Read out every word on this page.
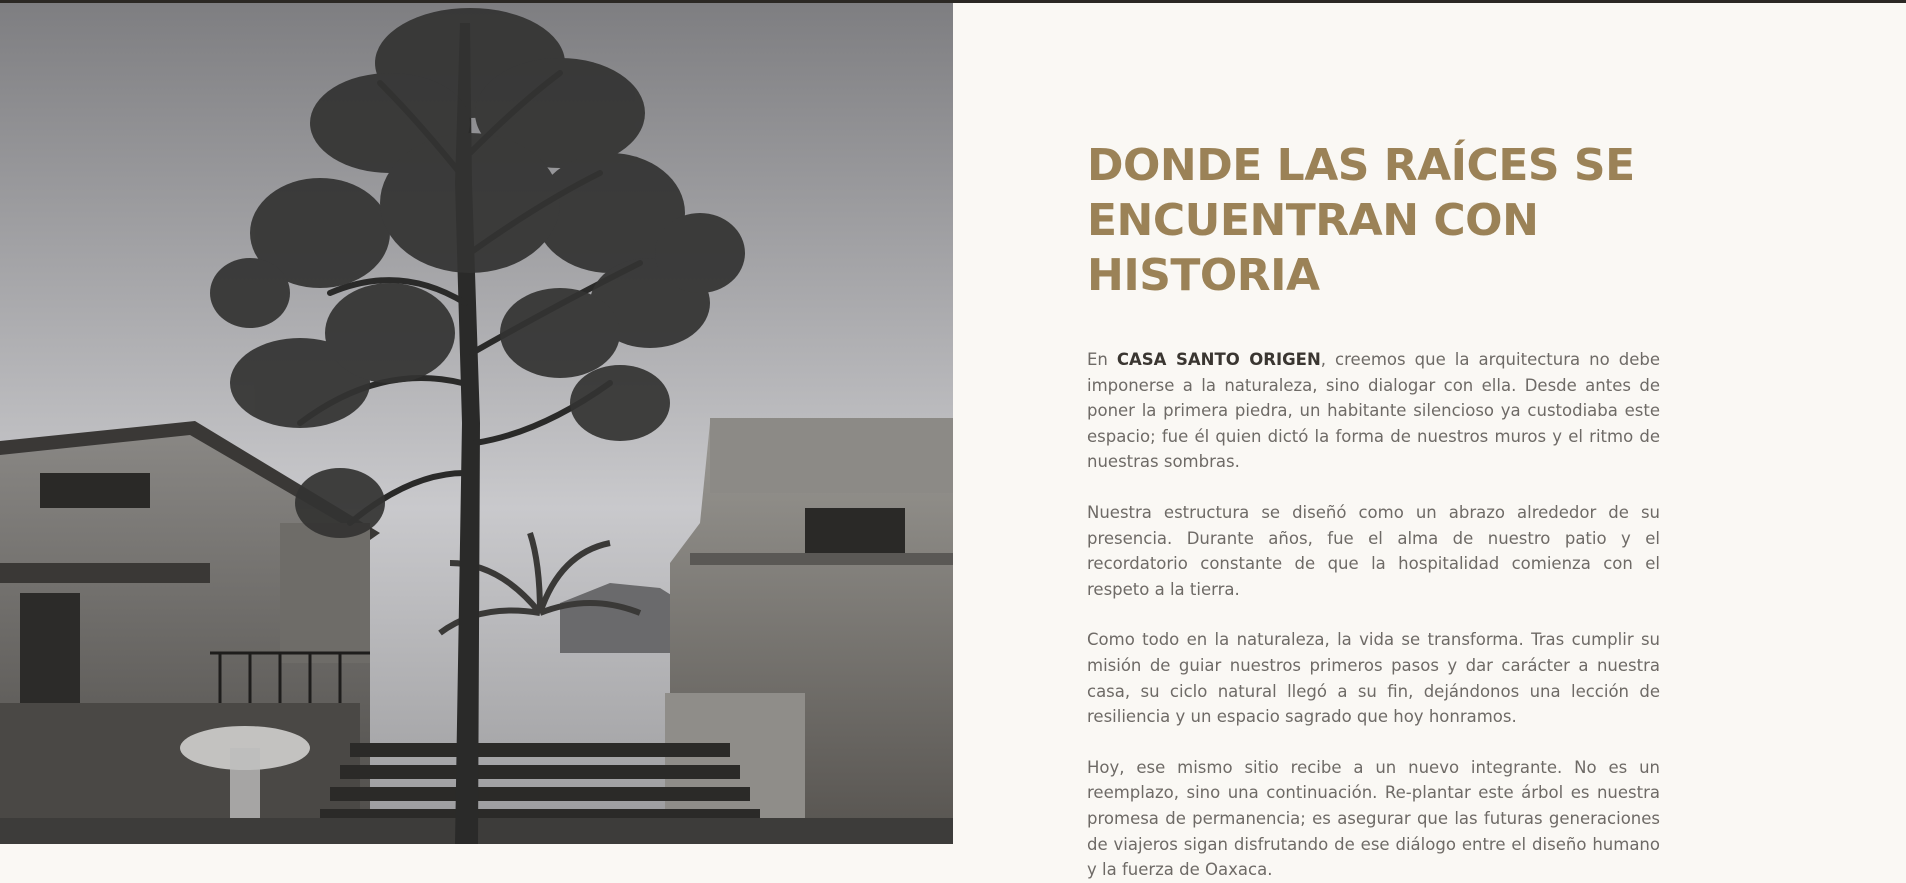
DONDE LAS RAÍCES SE
ENCUENTRAN CON HISTORIA

En CASA SANTO ORIGEN, creemos que la arquitectura no debe imponerse a la naturaleza, sino dialogar con ella. Desde antes de poner la primera piedra, un habitante silencioso ya custodiaba este espacio; fue él quien dictó la forma de nuestros muros y el ritmo de nuestras sombras.

Nuestra estructura se diseñó como un abrazo alrededor de su presencia. Durante años, fue el alma de nuestro patio y el recordatorio constante de que la hospitalidad comienza con el respeto a la tierra.

Como todo en la naturaleza, la vida se transforma. Tras cumplir su misión de guiar nuestros primeros pasos y dar carácter a nuestra casa, su ciclo natural llegó a su fin, dejándonos una lección de resiliencia y un espacio sagrado que hoy honramos.

Hoy, ese mismo sitio recibe a un nuevo integrante. No es un reemplazo, sino una continuación. Re-plantar este árbol es nuestra promesa de permanencia; es asegurar que las futuras generaciones de viajeros sigan disfrutando de ese diálogo entre el diseño humano y la fuerza de Oaxaca.
